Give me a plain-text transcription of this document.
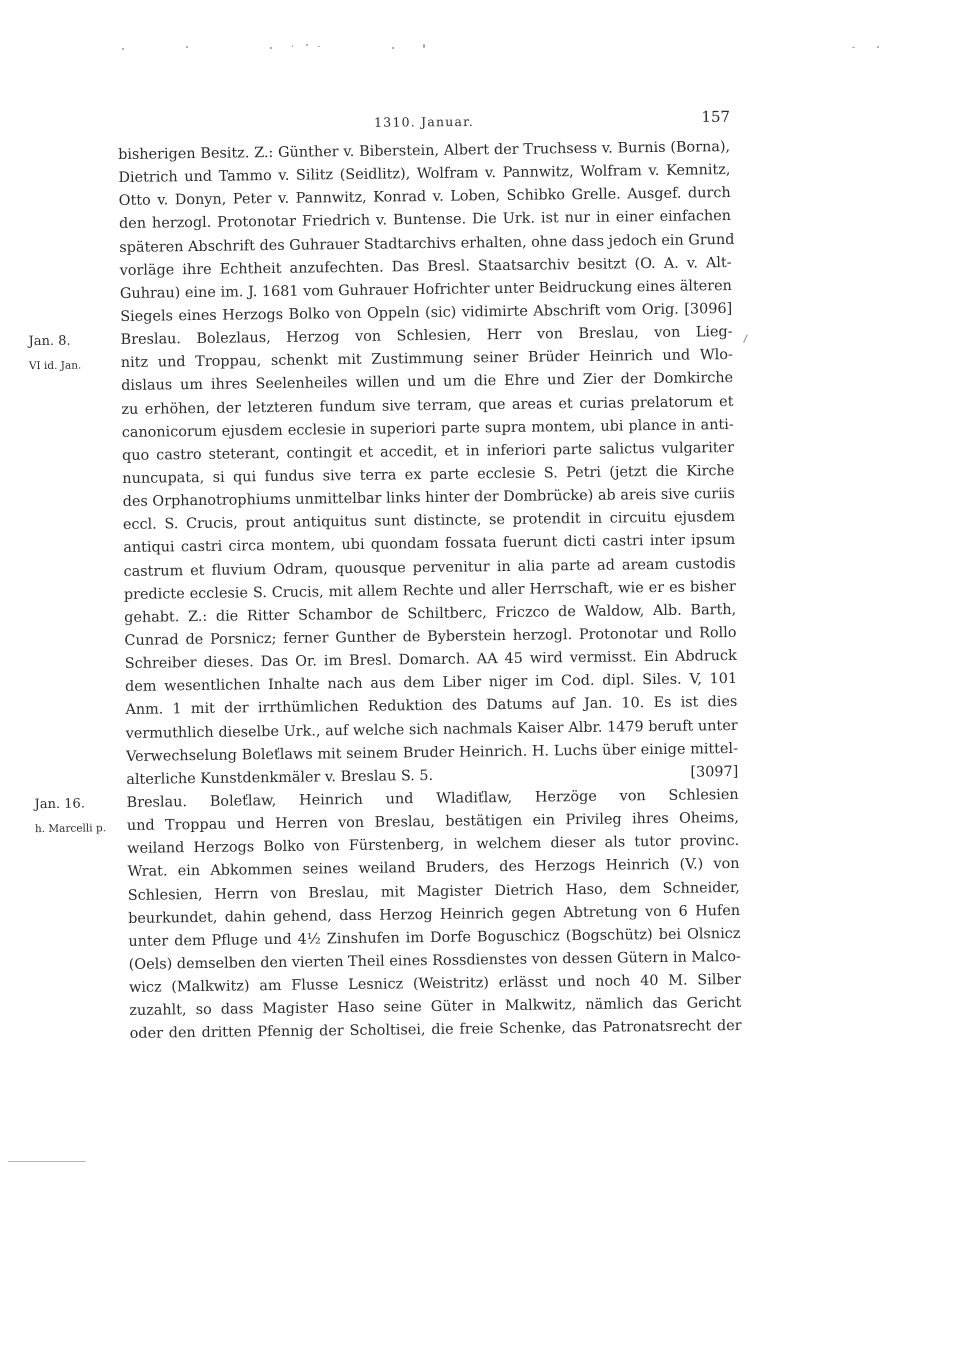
1310. Januar.	157
bisherigen Besitz. Z.: Günther v. Biberstein, Albert der Truchsess v. Burnis (Borna),
Dietrich und Tammo v. Silitz (Seidlitz), Wolfram v. Pannwitz, Wolfram v. Kemnitz,
Otto v. Donyn, Peter v. Pannwitz, Konrad v. Loben, Schibko Grelle. Ausgef. durch
den herzogl. Protonotar Friedrich v. Buntense. Die Urk. ist nur in einer einfachen
späteren Abschrift des Guhrauer Stadtarchivs erhalten, ohne dass jedoch ein Grund
vorläge ihre Echtheit anzufechten. Das Bresl. Staatsarchiv besitzt (O. A. v. Alt-
Guhrau) eine im. J. 1681 vom Guhrauer Hofrichter unter Beidruckung eines älteren
Siegels eines Herzogs Bolko von Oppeln (sic) vidimirte Abschrift vom Orig. [3096]
Jan. 8.	Breslau. Bolezlaus, Herzog von Schlesien, Herr von Breslau, von Lieg-
VI id. Jan.	nitz und Troppau, schenkt mit Zustimmung seiner Brüder Heinrich und Wlo-
dislaus um ihres Seelenheiles willen und um die Ehre und Zier der Domkirche
zu erhöhen, der letzteren fundum sive terram, que areas et curias prelatorum et
canonicorum ejusdem ecclesie in superiori parte supra montem, ubi plance in anti-
quo castro steterant, contingit et accedit, et in inferiori parte salictus vulgariter
nuncupata, si qui fundus sive terra ex parte ecclesie S. Petri (jetzt die Kirche
des Orphanotrophiums unmittelbar links hinter der Dombrücke) ab areis sive curiis
eccl. S. Crucis, prout antiquitus sunt distincte, se protendit in circuitu ejusdem
antiqui castri circa montem, ubi quondam fossata fuerunt dicti castri inter ipsum
castrum et fluvium Odram, quousque pervenitur in alia parte ad aream custodis
predicte ecclesie S. Crucis, mit allem Rechte und aller Herrschaft, wie er es bisher
gehabt. Z.: die Ritter Schambor de Schiltberc, Friczco de Waldow, Alb. Barth,
Cunrad de Porsnicz; ferner Gunther de Byberstein herzogl. Protonotar und Rollo
Schreiber dieses. Das Or. im Bresl. Domarch. AA 45 wird vermisst. Ein Abdruck
dem wesentlichen Inhalte nach aus dem Liber niger im Cod. dipl. Siles. V, 101
Anm. 1 mit der irrthümlichen Reduktion des Datums auf Jan. 10. Es ist dies
vermuthlich dieselbe Urk., auf welche sich nachmals Kaiser Albr. 1479 beruft unter
Verwechselung Boleťlaws mit seinem Bruder Heinrich. H. Luchs über einige mittel-
alterliche Kunstdenkmäler v. Breslau S. 5.	[3097]
Jan. 16.	Breslau. Boleťlaw, Heinrich und Wladiťlaw, Herzöge von Schlesien
h. Marcelli p.	und Troppau und Herren von Breslau, bestätigen ein Privileg ihres Oheims,
weiland Herzogs Bolko von Fürstenberg, in welchem dieser als tutor provinc.
Wrat. ein Abkommen seines weiland Bruders, des Herzogs Heinrich (V.) von
Schlesien, Herrn von Breslau, mit Magister Dietrich Haso, dem Schneider,
beurkundet, dahin gehend, dass Herzog Heinrich gegen Abtretung von 6 Hufen
unter dem Pfluge und 4½ Zinshufen im Dorfe Boguschicz (Bogschütz) bei Olsnicz
(Oels) demselben den vierten Theil eines Rossdienstes von dessen Gütern in Malco-
wicz (Malkwitz) am Flusse Lesnicz (Weistritz) erlässt und noch 40 M. Silber
zuzahlt, so dass Magister Haso seine Güter in Malkwitz, nämlich das Gericht
oder den dritten Pfennig der Scholtisei, die freie Schenke, das Patronatsrecht der
